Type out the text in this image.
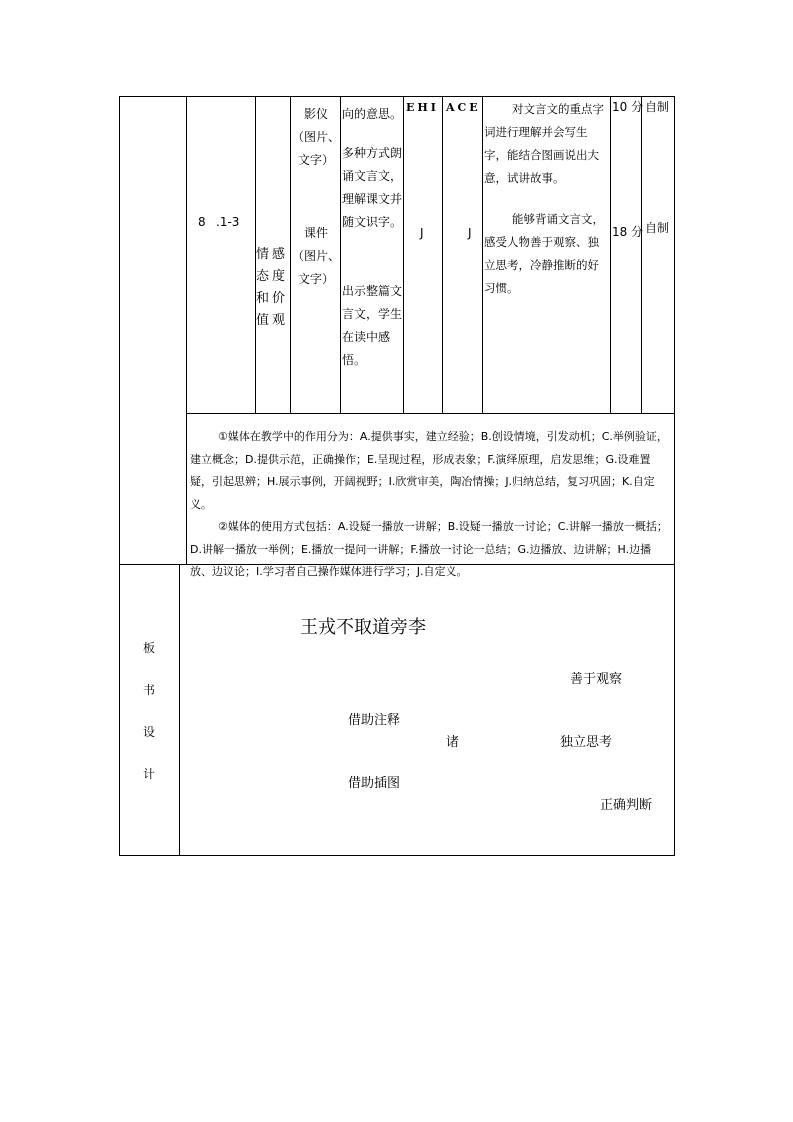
8 .1-3
情感态度和价值观
影仪
（图片、文字）
课件
（图片、文字）
向的意思。
多种方式朗诵文言文，理解课文并随文识字。
出示整篇文言文，学生在读中感悟。
EHI
J
ACE
J
对文言文的重点字词进行理解并会写生字，能结合图画说出大意，试讲故事。
能够背诵文言文，感受人物善于观察、独立思考，冷静推断的好习惯。
10 分
18 分
自制
自制

①媒体在教学中的作用分为：A.提供事实，建立经验；B.创设情境，引发动机；C.举例验证，建立概念；D.提供示范，正确操作；E.呈现过程，形成表象；F.演绎原理，启发思维；G.设难置疑，引起思辨；H.展示事例，开阔视野；I.欣赏审美，陶冶情操；J.归纳总结，复习巩固；K.自定义。

②媒体的使用方式包括：A.设疑一播放一讲解；B.设疑一播放一讨论；C.讲解一播放一概括；D.讲解一播放一举例；E.播放一提问一讲解；F.播放一讨论一总结；G.边播放、边讲解；H.边播放、边议论；I.学习者自己操作媒体进行学习；J.自定义。

板
书
设
计
王戎不取道旁李
善于观察
借助注释
诸	独立思考
借助插图
正确判断
